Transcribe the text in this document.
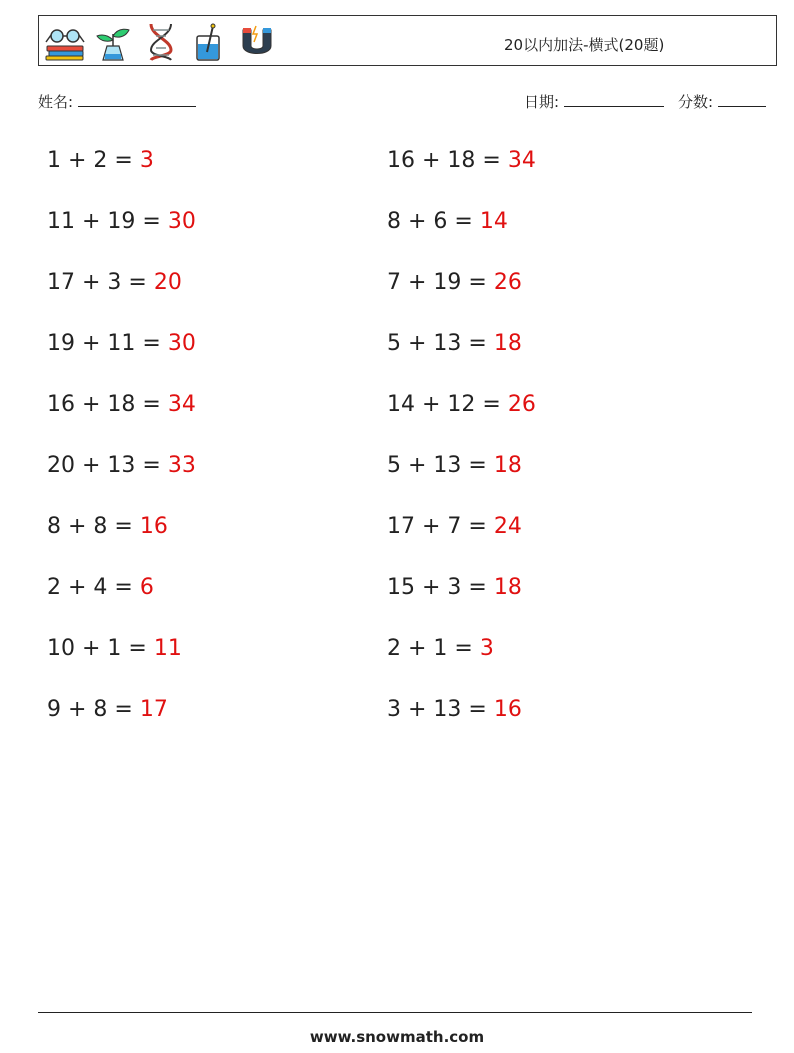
20以内加法-横式(20题)
姓名:	日期:	分数:
1 + 2 = 3	16 + 18 = 34
11 + 19 = 30	8 + 6 = 14
17 + 3 = 20	7 + 19 = 26
19 + 11 = 30	5 + 13 = 18
16 + 18 = 34	14 + 12 = 26
20 + 13 = 33	5 + 13 = 18
8 + 8 = 16	17 + 7 = 24
2 + 4 = 6	15 + 3 = 18
10 + 1 = 11	2 + 1 = 3
9 + 8 = 17	3 + 13 = 16
www.snowmath.com
